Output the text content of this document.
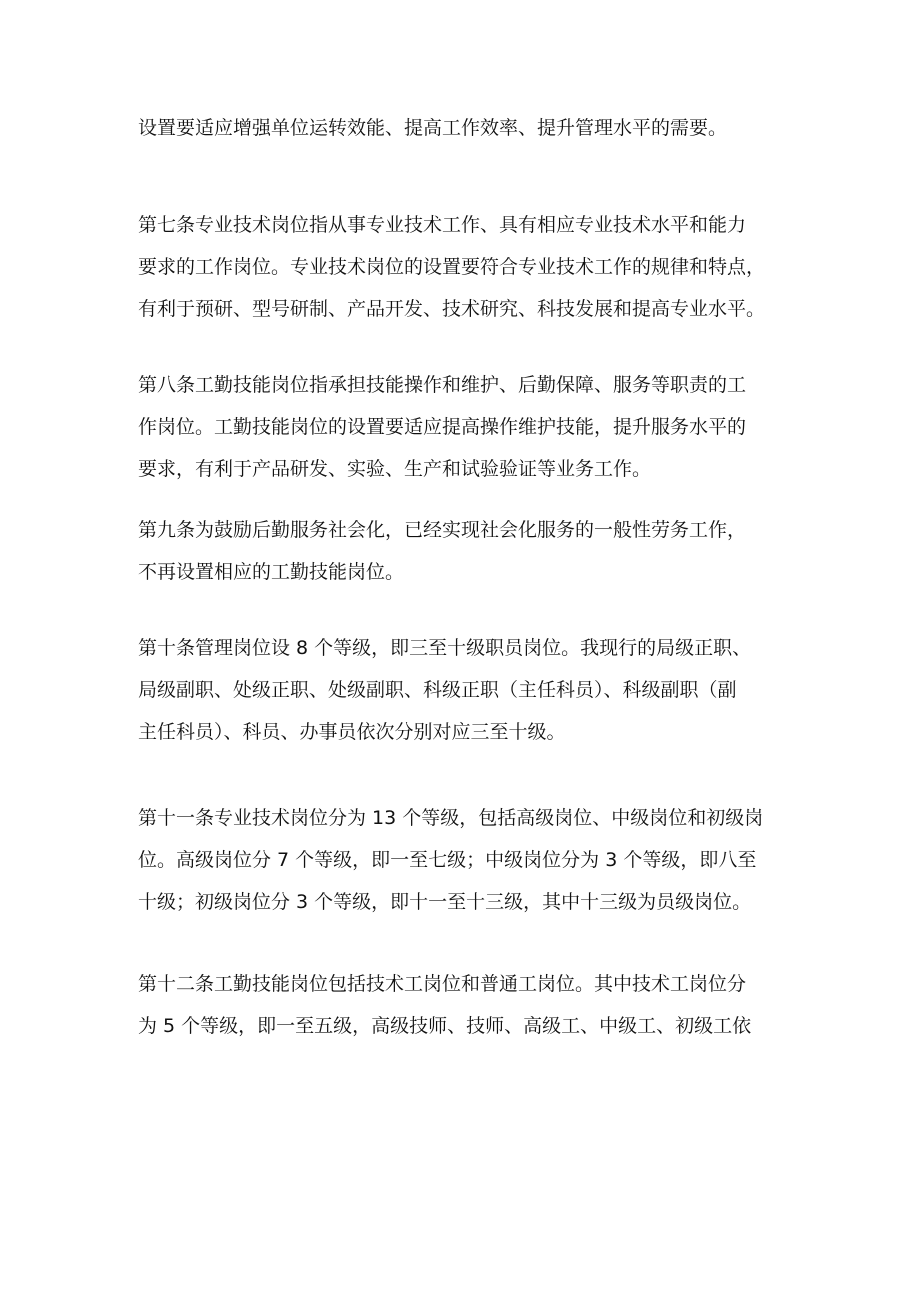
设置要适应增强单位运转效能、提高工作效率、提升管理水平的需要。
第七条专业技术岗位指从事专业技术工作、具有相应专业技术水平和能力
要求的工作岗位。专业技术岗位的设置要符合专业技术工作的规律和特点，
有利于预研、型号研制、产品开发、技术研究、科技发展和提高专业水平。
第八条工勤技能岗位指承担技能操作和维护、后勤保障、服务等职责的工
作岗位。工勤技能岗位的设置要适应提高操作维护技能，提升服务水平的
要求，有利于产品研发、实验、生产和试验验证等业务工作。
第九条为鼓励后勤服务社会化，已经实现社会化服务的一般性劳务工作，
不再设置相应的工勤技能岗位。
第十条管理岗位设 8 个等级，即三至十级职员岗位。我现行的局级正职、
局级副职、处级正职、处级副职、科级正职（主任科员）、科级副职（副
主任科员）、科员、办事员依次分别对应三至十级。
第十一条专业技术岗位分为 13 个等级，包括高级岗位、中级岗位和初级岗
位。高级岗位分 7 个等级，即一至七级；中级岗位分为 3 个等级，即八至
十级；初级岗位分 3 个等级，即十一至十三级，其中十三级为员级岗位。
第十二条工勤技能岗位包括技术工岗位和普通工岗位。其中技术工岗位分
为 5 个等级，即一至五级，高级技师、技师、高级工、中级工、初级工依
